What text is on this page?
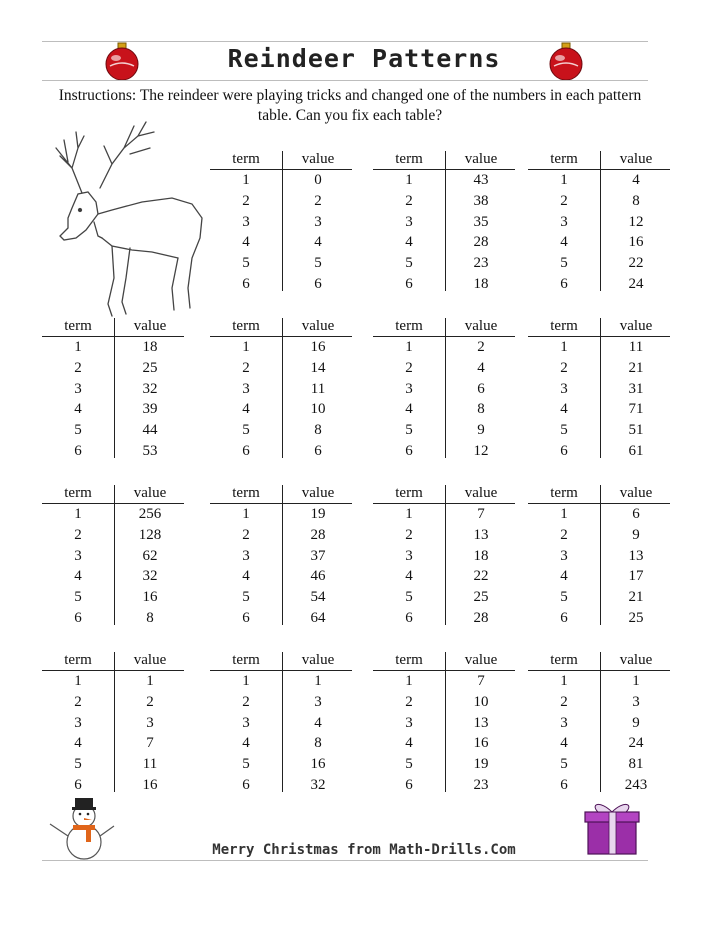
Reindeer Patterns
Instructions: The reindeer were playing tricks and changed one of the numbers in each pattern table. Can you fix each table?
term	value
1	0
2	2
3	3
4	4
5	5
6	6
term	value
1	43
2	38
3	35
4	28
5	23
6	18
term	value
1	4
2	8
3	12
4	16
5	22
6	24
term	value
1	18
2	25
3	32
4	39
5	44
6	53
term	value
1	16
2	14
3	11
4	10
5	8
6	6
term	value
1	2
2	4
3	6
4	8
5	9
6	12
term	value
1	11
2	21
3	31
4	71
5	51
6	61
term	value
1	256
2	128
3	62
4	32
5	16
6	8
term	value
1	19
2	28
3	37
4	46
5	54
6	64
term	value
1	7
2	13
3	18
4	22
5	25
6	28
term	value
1	6
2	9
3	13
4	17
5	21
6	25
term	value
1	1
2	2
3	3
4	7
5	11
6	16
term	value
1	1
2	3
3	4
4	8
5	16
6	32
term	value
1	7
2	10
3	13
4	16
5	19
6	23
term	value
1	1
2	3
3	9
4	24
5	81
6	243
Merry Christmas from Math-Drills.Com
